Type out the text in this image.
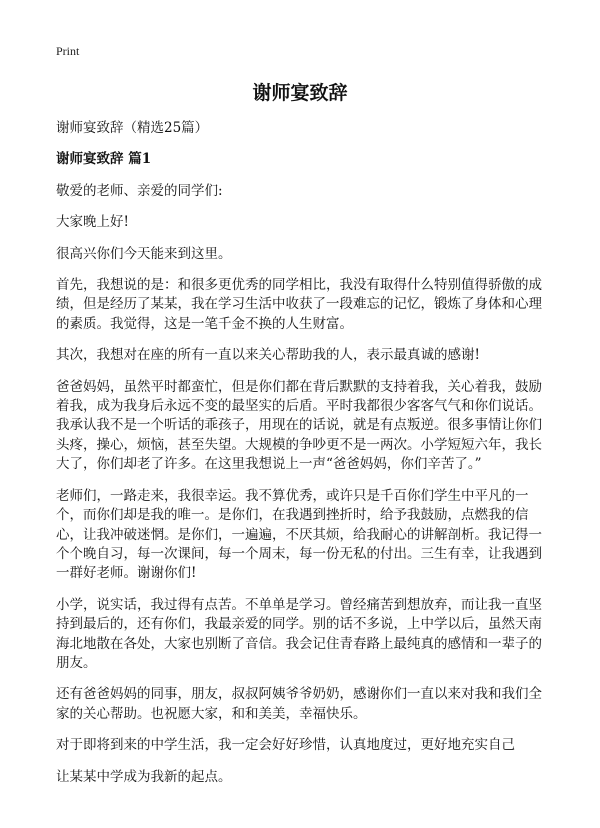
Print
谢师宴致辞
谢师宴致辞（精选25篇）
谢师宴致辞 篇1

敬爱的老师、亲爱的同学们:

大家晚上好!

很高兴你们今天能来到这里。

首先，我想说的是：和很多更优秀的同学相比，我没有取得什么特别值得骄傲的成绩，但是经历了某某，我在学习生活中收获了一段难忘的记忆，锻炼了身体和心理的素质。我觉得，这是一笔千金不换的人生财富。

其次，我想对在座的所有一直以来关心帮助我的人，表示最真诚的感谢!

爸爸妈妈，虽然平时都蛮忙，但是你们都在背后默默的支持着我，关心着我，鼓励着我，成为我身后永远不变的最坚实的后盾。平时我都很少客客气气和你们说话。我承认我不是一个听话的乖孩子，用现在的话说，就是有点叛逆。很多事情让你们头疼，操心，烦恼，甚至失望。大规模的争吵更不是一两次。小学短短六年，我长大了，你们却老了许多。在这里我想说上一声“爸爸妈妈，你们辛苦了。”

老师们，一路走来，我很幸运。我不算优秀，或许只是千百你们学生中平凡的一个，而你们却是我的唯一。是你们，在我遇到挫折时，给予我鼓励，点燃我的信心，让我冲破迷惘。是你们，一遍遍，不厌其烦，给我耐心的讲解剖析。我记得一个个晚自习，每一次课间，每一个周末，每一份无私的付出。三生有幸，让我遇到一群好老师。谢谢你们!

小学，说实话，我过得有点苦。不单单是学习。曾经痛苦到想放弃，而让我一直坚持到最后的，还有你们，我最亲爱的同学。别的话不多说，上中学以后，虽然天南海北地散在各处，大家也别断了音信。我会记住青春路上最纯真的感情和一辈子的朋友。

还有爸爸妈妈的同事，朋友，叔叔阿姨爷爷奶奶，感谢你们一直以来对我和我们全家的关心帮助。也祝愿大家，和和美美，幸福快乐。

对于即将到来的中学生活，我一定会好好珍惜，认真地度过，更好地充实自己

让某某中学成为我新的起点。
